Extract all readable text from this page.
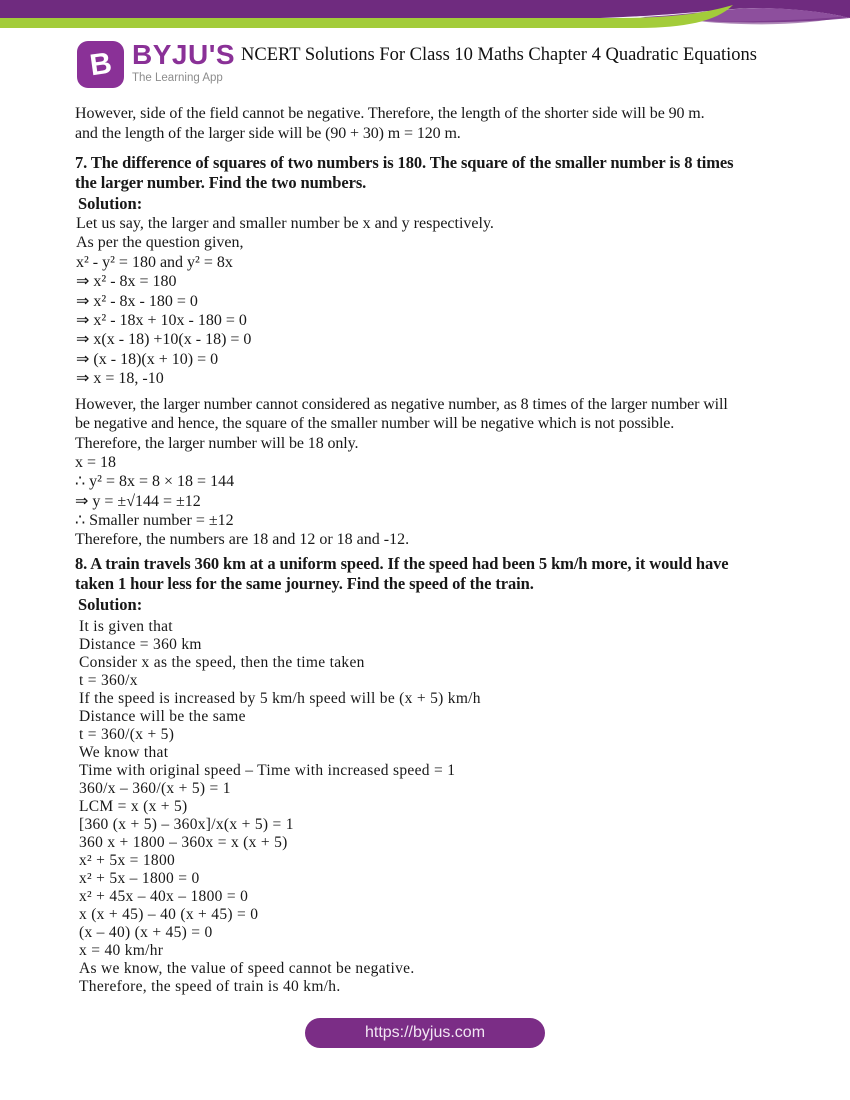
B BYJU'S
The Learning App
NCERT Solutions For Class 10 Maths Chapter 4 Quadratic Equations
However, side of the field cannot be negative. Therefore, the length of the shorter side will be 90 m.
and the length of the larger side will be (90 + 30) m = 120 m.
7. The difference of squares of two numbers is 180. The square of the smaller number is 8 times
the larger number. Find the two numbers.
Solution:
Let us say, the larger and smaller number be x and y respectively.
As per the question given,
x² - y² = 180 and y² = 8x
⇒ x² - 8x = 180
⇒ x² - 8x - 180 = 0
⇒ x² - 18x + 10x - 180 = 0
⇒ x(x - 18) +10(x - 18) = 0
⇒ (x - 18)(x + 10) = 0
⇒ x = 18, -10
However, the larger number cannot considered as negative number, as 8 times of the larger number will
be negative and hence, the square of the smaller number will be negative which is not possible.
Therefore, the larger number will be 18 only.
x = 18
∴ y² = 8x = 8 × 18 = 144
⇒ y = ±√144 = ±12
∴ Smaller number = ±12
Therefore, the numbers are 18 and 12 or 18 and -12.
8. A train travels 360 km at a uniform speed. If the speed had been 5 km/h more, it would have
taken 1 hour less for the same journey. Find the speed of the train.
Solution:
It is given that
Distance = 360 km
Consider x as the speed, then the time taken
t = 360/x
If the speed is increased by 5 km/h speed will be (x + 5) km/h
Distance will be the same
t = 360/(x + 5)
We know that
Time with original speed – Time with increased speed = 1
360/x – 360/(x + 5) = 1
LCM = x (x + 5)
[360 (x + 5) – 360x]/x(x + 5) = 1
360 x + 1800 – 360x = x (x + 5)
x² + 5x = 1800
x² + 5x – 1800 = 0
x² + 45x – 40x – 1800 = 0
x (x + 45) – 40 (x + 45) = 0
(x – 40) (x + 45) = 0
x = 40 km/hr
As we know, the value of speed cannot be negative.
Therefore, the speed of train is 40 km/h.
https://byjus.com
